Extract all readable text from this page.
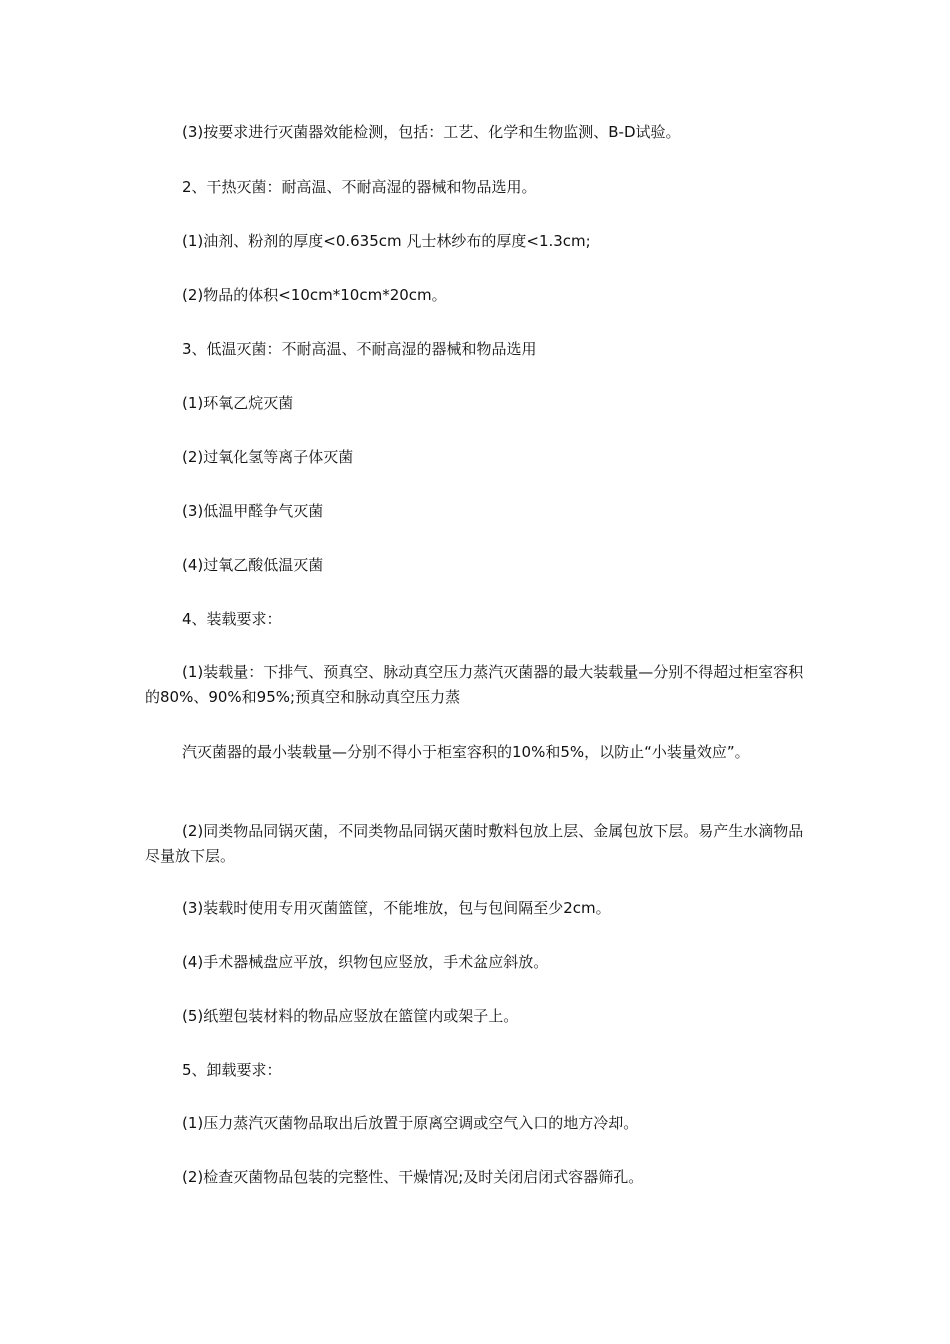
(3)按要求进行灭菌器效能检测，包括：工艺、化学和生物监测、B-D试验。

2、干热灭菌：耐高温、不耐高湿的器械和物品选用。

(1)油剂、粉剂的厚度<0.635cm 凡士林纱布的厚度<1.3cm;

(2)物品的体积<10cm*10cm*20cm。

3、低温灭菌：不耐高温、不耐高湿的器械和物品选用

(1)环氧乙烷灭菌

(2)过氧化氢等离子体灭菌

(3)低温甲醛争气灭菌

(4)过氧乙酸低温灭菌

4、装载要求：

(1)装载量：下排气、预真空、脉动真空压力蒸汽灭菌器的最大装载量—分别不得超过柜室容积的80%、90%和95%;预真空和脉动真空压力蒸

汽灭菌器的最小装载量—分别不得小于柜室容积的10%和5%，以防止“小装量效应”。

(2)同类物品同锅灭菌，不同类物品同锅灭菌时敷料包放上层、金属包放下层。易产生水滴物品尽量放下层。

(3)装载时使用专用灭菌篮筐，不能堆放，包与包间隔至少2cm。

(4)手术器械盘应平放，织物包应竖放，手术盆应斜放。

(5)纸塑包装材料的物品应竖放在篮筐内或架子上。

5、卸载要求：

(1)压力蒸汽灭菌物品取出后放置于原离空调或空气入口的地方冷却。

(2)检查灭菌物品包装的完整性、干燥情况;及时关闭启闭式容器筛孔。
